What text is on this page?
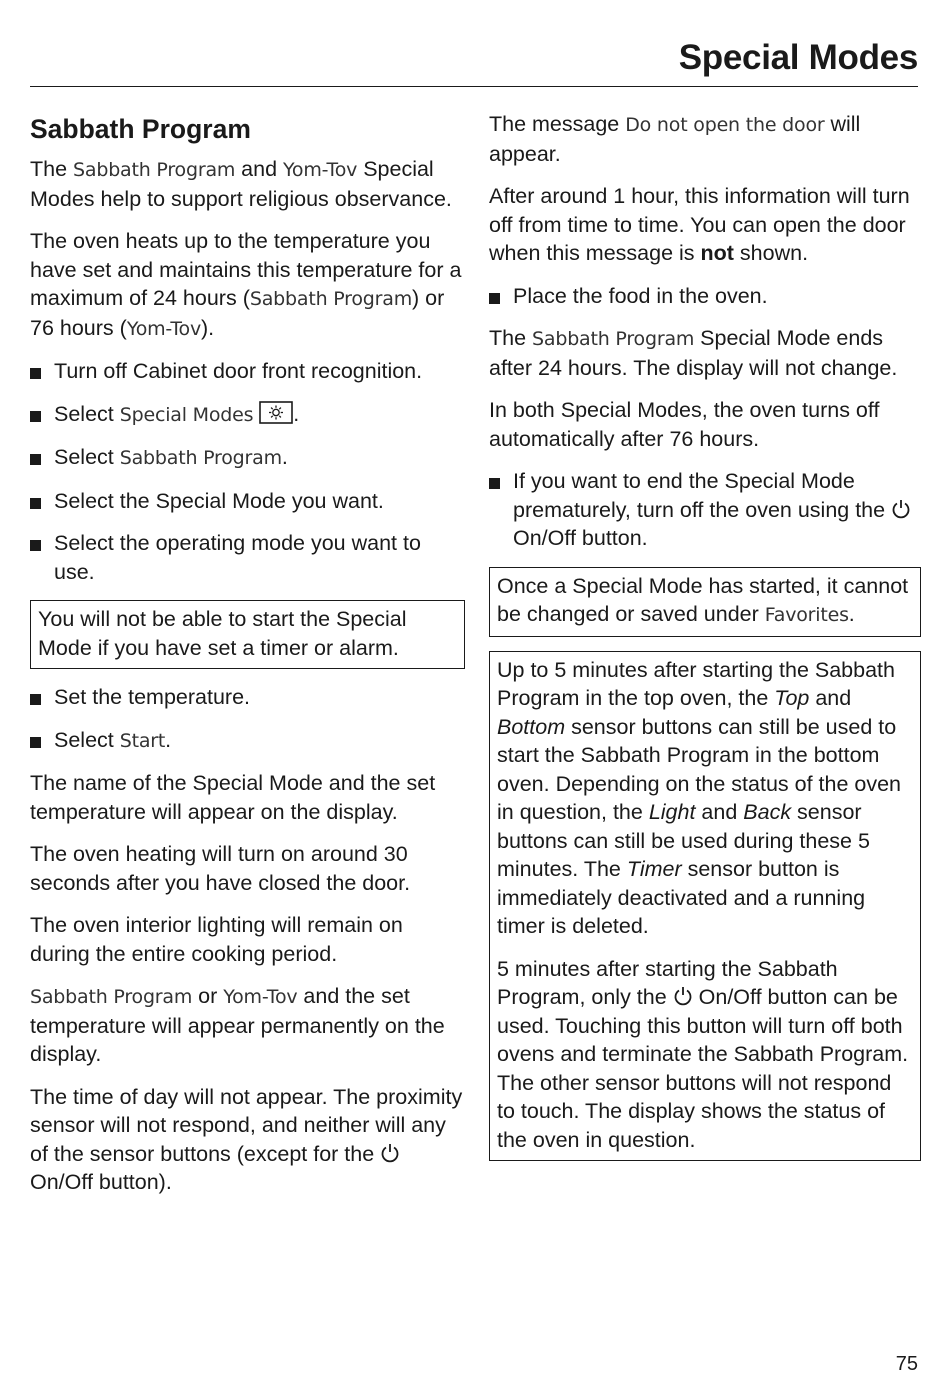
Special Modes
Sabbath Program

The Sabbath Program and Yom-Tov Special Modes help to support religious observance.

The oven heats up to the temperature you have set and maintains this temperature for a maximum of 24 hours (Sabbath Program) or 76 hours (Yom-Tov).

Turn off Cabinet door front recognition.
Select Special Modes .
Select Sabbath Program.
Select the Special Mode you want.
Select the operating mode you want to use.

You will not be able to start the Special Mode if you have set a timer or alarm.

Set the temperature.
Select Start.

The name of the Special Mode and the set temperature will appear on the display.

The oven heating will turn on around 30 seconds after you have closed the door.

The oven interior lighting will remain on during the entire cooking period.

Sabbath Program or Yom-Tov and the set temperature will appear permanently on the display.

The time of day will not appear. The proximity sensor will not respond, and neither will any of the sensor buttons (except for the  On/Off button).

The message Do not open the door will appear.

After around 1 hour, this information will turn off from time to time. You can open the door when this message is not shown.

Place the food in the oven.

The Sabbath Program Special Mode ends after 24 hours. The display will not change.

In both Special Modes, the oven turns off automatically after 76 hours.

If you want to end the Special Mode prematurely, turn off the oven using the  On/Off button.

Once a Special Mode has started, it cannot be changed or saved under Favorites.

Up to 5 minutes after starting the Sabbath Program in the top oven, the Top and Bottom sensor buttons can still be used to start the Sabbath Program in the bottom oven. Depending on the status of the oven in question, the Light and Back sensor buttons can still be used during these 5 minutes. The Timer sensor button is immediately deactivated and a running timer is deleted.

5 minutes after starting the Sabbath Program, only the  On/Off button can be used. Touching this button will turn off both ovens and terminate the Sabbath Program. The other sensor buttons will not respond to touch. The display shows the status of the oven in question.

75
